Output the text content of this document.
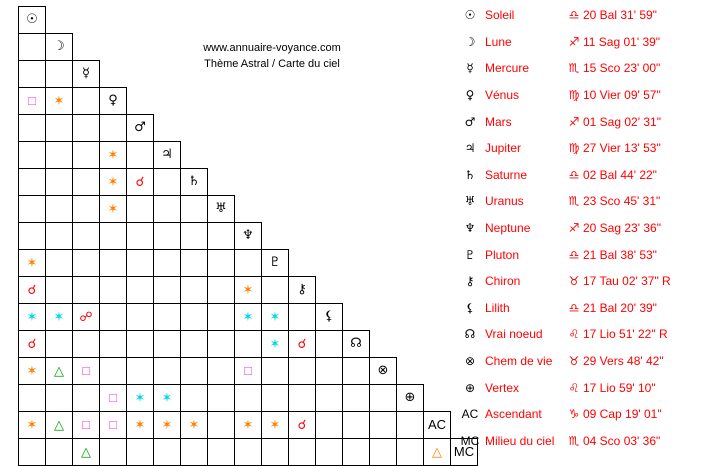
☉																
	☽															
		☿														
□	✶		♀													
				♂												
			✶		♃											
			✶	☌		♄										
			✶				♅									
								♆								
✶									♇							
☌								✶		⚷						
✶	✶	☍						✶	✶		⚸					
☌									✶	☌		☊				
✶	△	□						□					⊗			
			□	✶	✶									⊕		
✶	△	□	□	✶	✶	✶		✶	✶	☌					AC	
		△													△	MC
www.annuaire-voyance.com
Thème Astral / Carte du ciel
☉	Soleil	♎	20 Bal 31' 59"
☽	Lune	♐	11 Sag 01' 39"
☿	Mercure	♏	15 Sco 23' 00"
♀	Vénus	♍	10 Vier 09' 57"
♂	Mars	♐	01 Sag 02' 31"
♃	Jupiter	♍	27 Vier 13' 53"
♄	Saturne	♎	02 Bal 44' 22"
♅	Uranus	♏	23 Sco 45' 31"
♆	Neptune	♐	20 Sag 23' 36"
♇	Pluton	♎	21 Bal 38' 53"
⚷	Chiron	♉	17 Tau 02' 37" R
⚸	Lilith	♎	21 Bal 20' 39"
☊	Vrai noeud	♌	17 Lio 51' 22" R
⊗	Chem de vie	♉	29 Vers 48' 42"
⊕	Vertex	♌	17 Lio 59' 10"
AC	Ascendant	♑	09 Cap 19' 01"
MC	Milieu du ciel	♏	04 Sco 03' 36"
